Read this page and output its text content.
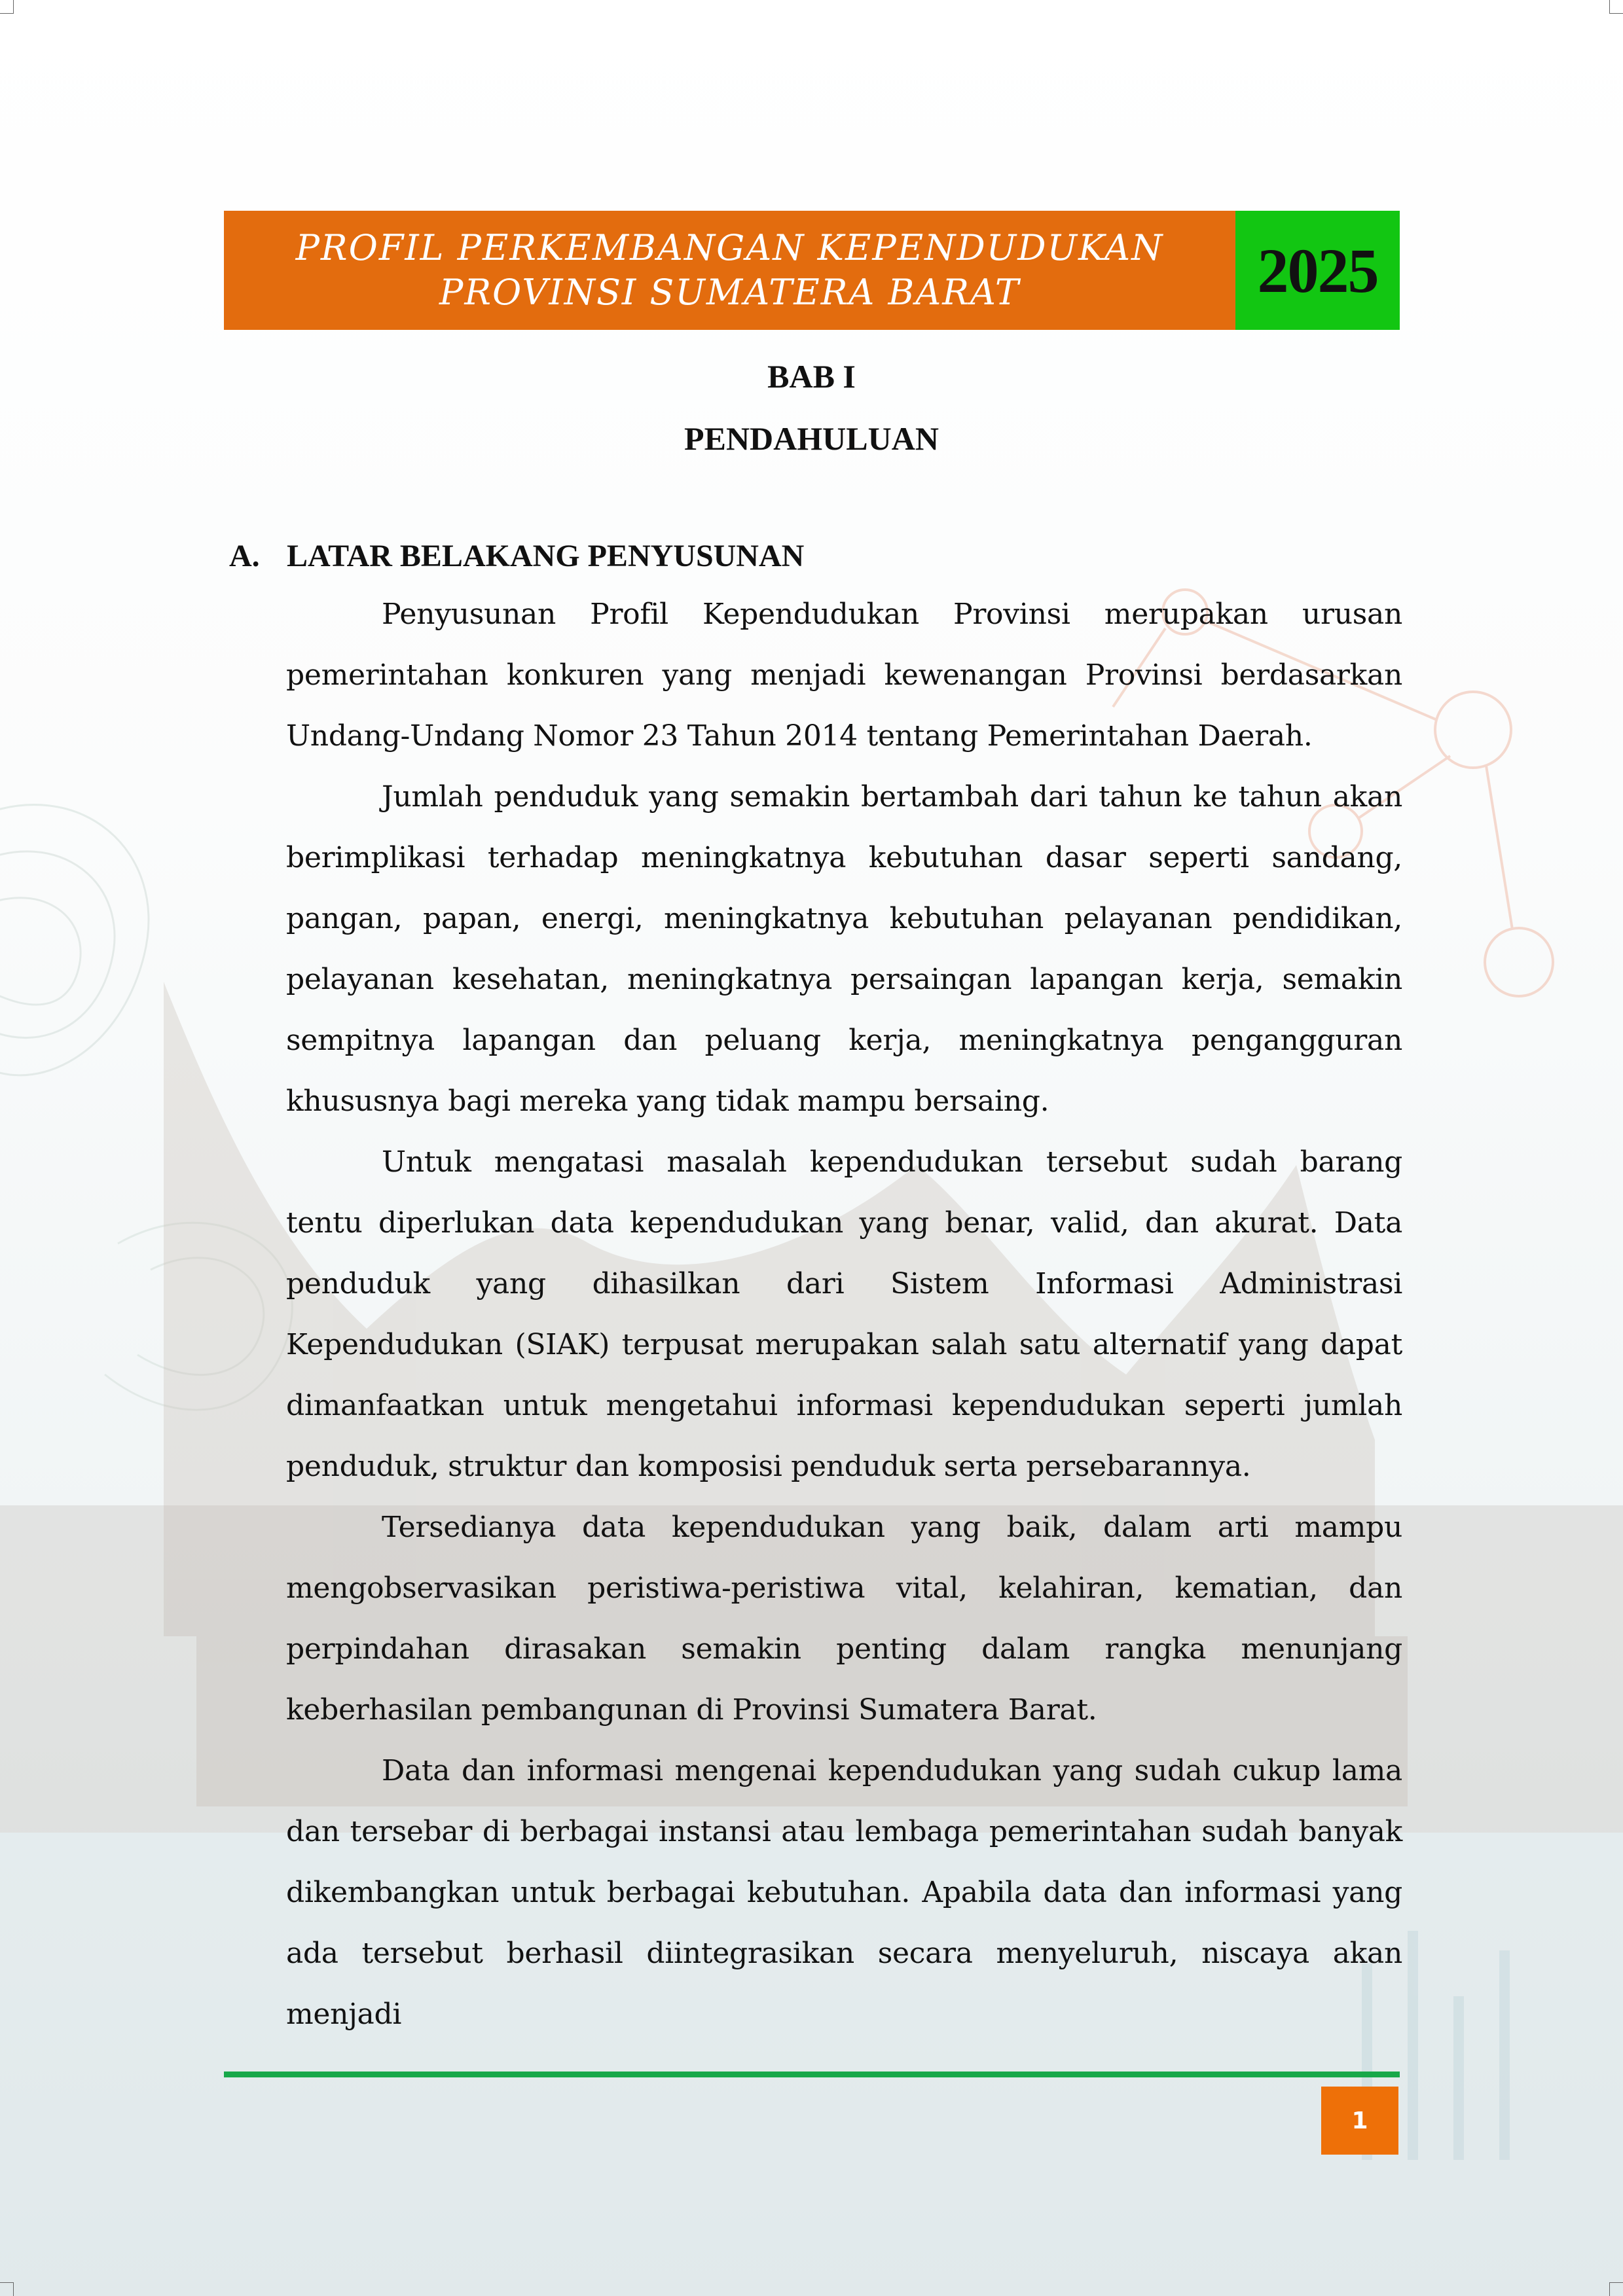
PROFIL PERKEMBANGAN KEPENDUDUKAN
PROVINSI SUMATERA BARAT	2025
BAB I
PENDAHULUAN
A. LATAR BELAKANG PENYUSUNAN

Penyusunan Profil Kependudukan Provinsi merupakan urusan pemerintahan konkuren yang menjadi kewenangan Provinsi berdasarkan Undang-Undang Nomor 23 Tahun 2014 tentang Pemerintahan Daerah.

Jumlah penduduk yang semakin bertambah dari tahun ke tahun akan berimplikasi terhadap meningkatnya kebutuhan dasar seperti sandang, pangan, papan, energi, meningkatnya kebutuhan pelayanan pendidikan, pelayanan kesehatan, meningkatnya persaingan lapangan kerja, semakin sempitnya lapangan dan peluang kerja, meningkatnya pengangguran khususnya bagi mereka yang tidak mampu bersaing.

Untuk mengatasi masalah kependudukan tersebut sudah barang tentu diperlukan data kependudukan yang benar, valid, dan akurat. Data penduduk yang dihasilkan dari Sistem Informasi Administrasi Kependudukan (SIAK) terpusat merupakan salah satu alternatif yang dapat dimanfaatkan untuk mengetahui informasi kependudukan seperti jumlah penduduk, struktur dan komposisi penduduk serta persebarannya.

Tersedianya data kependudukan yang baik, dalam arti mampu mengobservasikan peristiwa-peristiwa vital, kelahiran, kematian, dan perpindahan dirasakan semakin penting dalam rangka menunjang keberhasilan pembangunan di Provinsi Sumatera Barat.

Data dan informasi mengenai kependudukan yang sudah cukup lama dan tersebar di berbagai instansi atau lembaga pemerintahan sudah banyak dikembangkan untuk berbagai kebutuhan. Apabila data dan informasi yang ada tersebut berhasil diintegrasikan secara menyeluruh, niscaya akan menjadi

1
